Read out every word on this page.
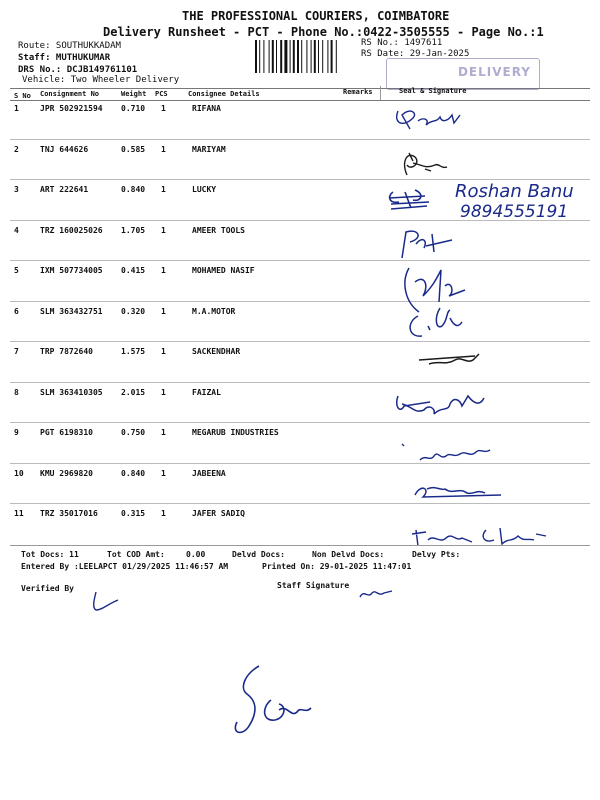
THE PROFESSIONAL COURIERS, COIMBATORE
Delivery Runsheet - PCT - Phone No.:0422-3505555 - Page No.:1
Route: SOUTHUKKADAM
Staff: MUTHUKUMAR
DRS No.: DCJB149761101
Vehicle: Two Wheeler Delivery
RS No.: 1497611
RS Date: 29-Jan-2025
DELIVERY
S No Consignment No	Weight PCS	Consignee Details	Remarks	Seal & Signature
1	JPR 502921594 0.710 1	RIFANA
2	TNJ 644626	0.585 1	MARIYAM
3	ART 222641	0.840 1	LUCKY
4	TRZ 160025026 1.705 1	AMEER TOOLS
5	IXM 507734005 0.415 1	MOHAMED NASIF
6	SLM 363432751 0.320 1	M.A.MOTOR
7	TRP 7872640	1.575 1	SACKENDHAR
8	SLM 363410305 2.015 1	FAIZAL
9	PGT 6198310	0.750 1	MEGARUB INDUSTRIES
10 KMU 2969820	0.840 1	JABEENA
11 TRZ 35017016	0.315 1	JAFER SADIQ
Roshan Banu
9894555191
Tot Docs: 11	Tot COD Amt:	0.00	Delvd Docs:	Non Delvd Docs:	Delvy Pts:
Entered By :LEELAPCT 01/29/2025 11:46:57 AM	Printed On: 29-01-2025 11:47:01
Verified By	Staff Signature
